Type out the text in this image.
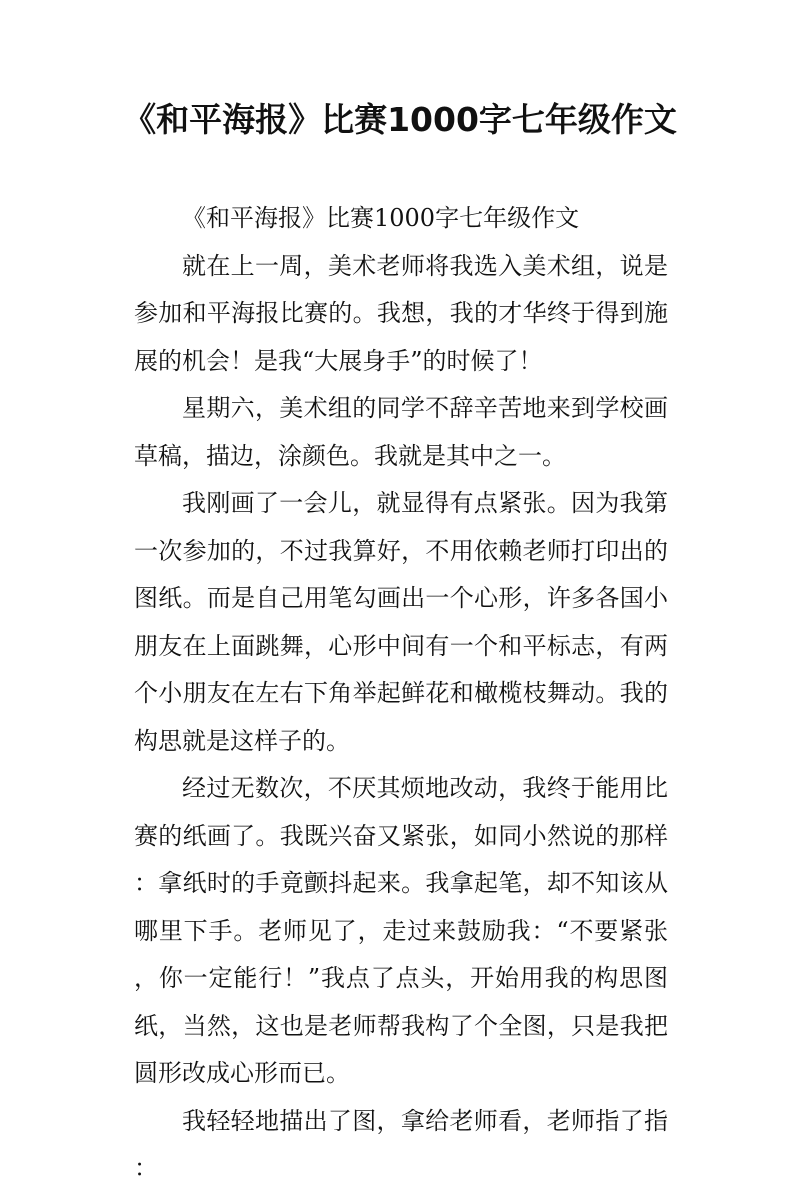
《和平海报》比赛1000字七年级作文

《和平海报》比赛1000字七年级作文

就在上一周，美术老师将我选入美术组，说是参加和平海报比赛的。我想，我的才华终于得到施展的机会！是我“大展身手”的时候了！

星期六，美术组的同学不辞辛苦地来到学校画草稿，描边，涂颜色。我就是其中之一。

我刚画了一会儿，就显得有点紧张。因为我第一次参加的，不过我算好，不用依赖老师打印出的图纸。而是自己用笔勾画出一个心形，许多各国小朋友在上面跳舞，心形中间有一个和平标志，有两个小朋友在左右下角举起鲜花和橄榄枝舞动。我的构思就是这样子的。

经过无数次，不厌其烦地改动，我终于能用比赛的纸画了。我既兴奋又紧张，如同小然说的那样：拿纸时的手竟颤抖起来。我拿起笔，却不知该从哪里下手。老师见了，走过来鼓励我：“不要紧张，你一定能行！”我点了点头，开始用我的构思图纸，当然，这也是老师帮我构了个全图，只是我把圆形改成心形而已。

我轻轻地描出了图，拿给老师看，老师指了指：
